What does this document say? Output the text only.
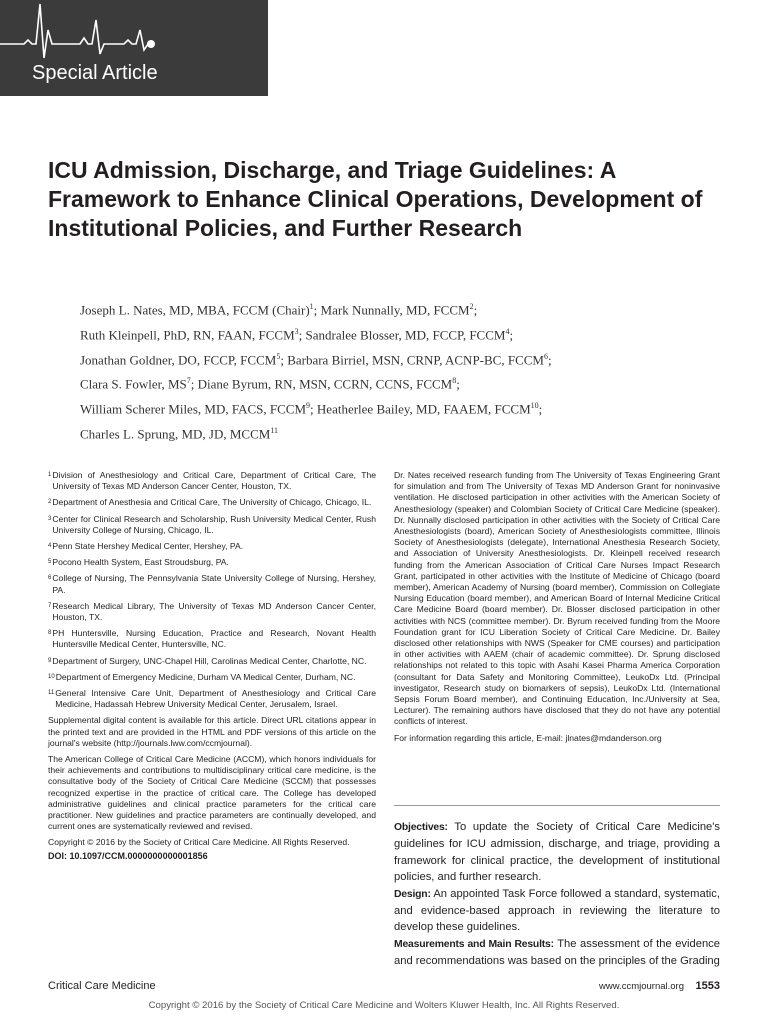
Special Article
ICU Admission, Discharge, and Triage Guidelines: A Framework to Enhance Clinical Operations, Development of Institutional Policies, and Further Research
Joseph L. Nates, MD, MBA, FCCM (Chair)$^1$; Mark Nunnally, MD, FCCM$^2$;
Ruth Kleinpell, PhD, RN, FAAN, FCCM$^3$; Sandralee Blosser, MD, FCCP, FCCM$^4$;
Jonathan Goldner, DO, FCCP, FCCM$^5$; Barbara Birriel, MSN, CRNP, ACNP-BC, FCCM$^6$;
Clara S. Fowler, $MS^7$; Diane Byrum, RN, MSN, CCRN, CCNS, FCCM$^8$;
William Scherer Miles, MD, FACS, FCCM$^9$; Heatherlee Bailey, MD, FAAEM, FCCM$^{10}$;
Charles L. Sprung, MD, JD, MCCM$^{11}$
1 Division of Anesthesiology and Critical Care, Department of Critical Care, The University of Texas MD Anderson Cancer Center, Houston, TX.
2 Department of Anesthesia and Critical Care, The University of Chicago, Chicago, IL.
3 Center for Clinical Research and Scholarship, Rush University Medical Center, Rush University College of Nursing, Chicago, IL.
4 Penn State Hershey Medical Center, Hershey, PA.
5 Pocono Health System, East Stroudsburg, PA.
6 College of Nursing, The Pennsylvania State University College of Nursing, Hershey, PA.
7 Research Medical Library, The University of Texas MD Anderson Cancer Center, Houston, TX.
8 PH Huntersville, Nursing Education, Practice and Research, Novant Health Huntersville Medical Center, Huntersville, NC.
9 Department of Surgery, UNC-Chapel Hill, Carolinas Medical Center, Charlotte, NC.
10 Department of Emergency Medicine, Durham VA Medical Center, Durham, NC.
11 General Intensive Care Unit, Department of Anesthesiology and Critical Care Medicine, Hadassah Hebrew University Medical Center, Jerusalem, Israel.

Supplemental digital content is available for this article. Direct URL citations appear in the printed text and are provided in the HTML and PDF versions of this article on the journal's website (http://journals.lww.com/ccmjournal).

The American College of Critical Care Medicine (ACCM), which honors individuals for their achievements and contributions to multidisciplinary critical care medicine, is the consultative body of the Society of Critical Care Medicine (SCCM) that possesses recognized expertise in the practice of critical care. The College has developed administrative guidelines and clinical practice parameters for the critical care practitioner. New guidelines and practice parameters are continually developed, and current ones are systematically reviewed and revised.

Copyright © 2016 by the Society of Critical Care Medicine. All Rights Reserved.

DOI: 10.1097/CCM.0000000000001856

Dr. Nates received research funding from The University of Texas Engineering Grant for simulation and from The University of Texas MD Anderson Grant for noninvasive ventilation. He disclosed participation in other activities with the American Society of Anesthesiology (speaker) and Colombian Society of Critical Care Medicine (speaker). Dr. Nunnally disclosed participation in other activities with the Society of Critical Care Anesthesiologists (board), American Society of Anesthesiologists committee, Illinois Society of Anesthesiologists (delegate), International Anesthesia Research Society, and Association of University Anesthesiologists. Dr. Kleinpell received research funding from the American Association of Critical Care Nurses Impact Research Grant, participated in other activities with the Institute of Medicine of Chicago (board member), American Academy of Nursing (board member), Commission on Collegiate Nursing Education (board member), and American Board of Internal Medicine Critical Care Medicine Board (board member). Dr. Blosser disclosed participation in other activities with NCS (committee member). Dr. Byrum received funding from the Moore Foundation grant for ICU Liberation Society of Critical Care Medicine. Dr. Bailey disclosed other relationships with NWS (Speaker for CME courses) and participation in other activities with AAEM (chair of academic committee). Dr. Sprung disclosed relationships not related to this topic with Asahi Kasei Pharma America Corporation (consultant for Data Safety and Monitoring Committee), LeukoDx Ltd. (Principal investigator, Research study on biomarkers of sepsis), LeukoDx Ltd. (International Sepsis Forum Board member), and Continuing Education, Inc./University at Sea, Lecturer). The remaining authors have disclosed that they do not have any potential conflicts of interest.

For information regarding this article, E-mail: jlnates@mdanderson.org

Objectives: To update the Society of Critical Care Medicine's guidelines for ICU admission, discharge, and triage, providing a framework for clinical practice, the development of institutional policies, and further research.

Design: An appointed Task Force followed a standard, systematic, and evidence-based approach in reviewing the literature to develop these guidelines.

Measurements and Main Results: The assessment of the evidence and recommendations was based on the principles of the Grading

Critical Care Medicine	www.ccmjournal.org 1553
Copyright © 2016 by the Society of Critical Care Medicine and Wolters Kluwer Health, Inc. All Rights Reserved.
